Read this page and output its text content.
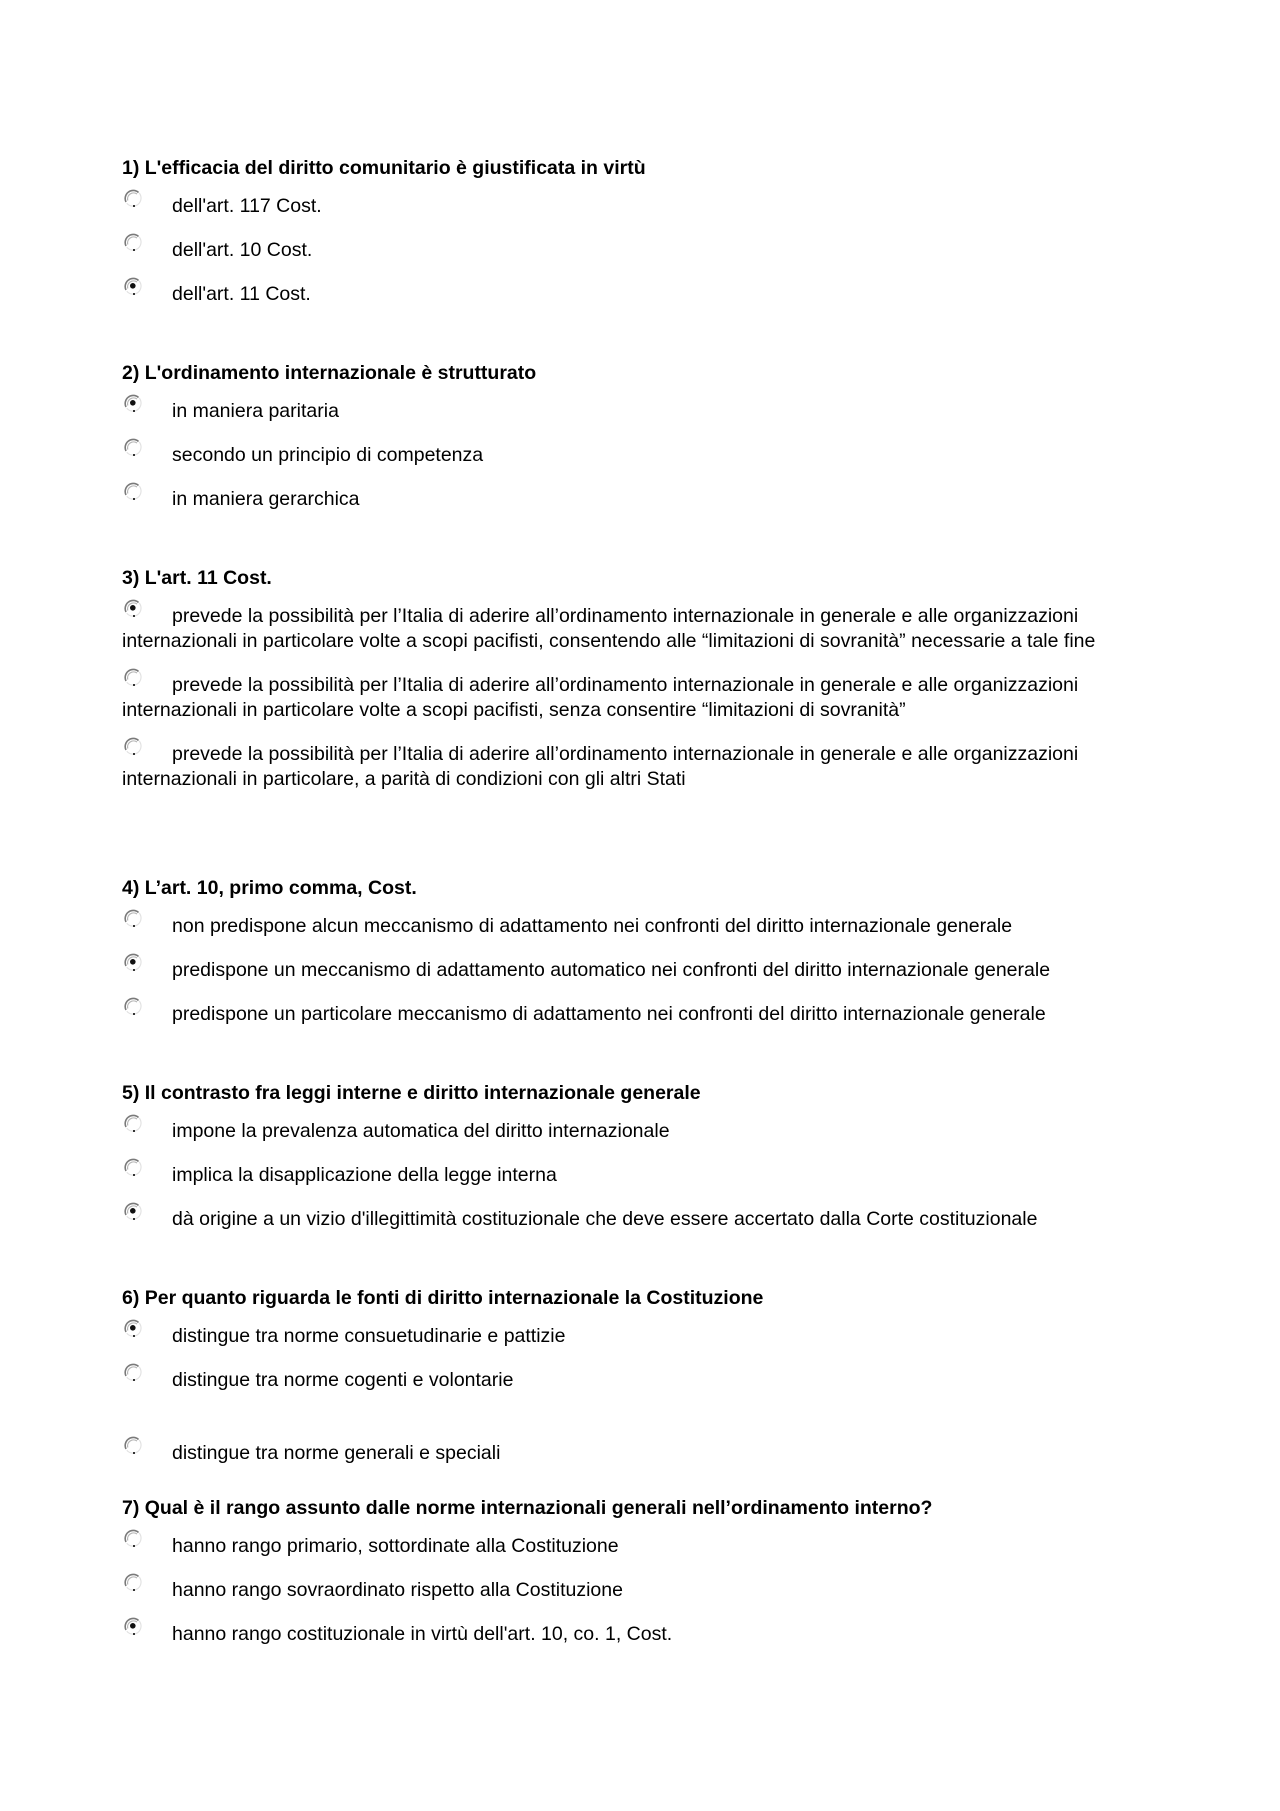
1) L'efficacia del diritto comunitario è giustificata in virtù

dell'art. 117 Cost.
dell'art. 10 Cost.
dell'art. 11 Cost.

2) L'ordinamento internazionale è strutturato

in maniera paritaria
secondo un principio di competenza
in maniera gerarchica

3) L'art. 11 Cost.

prevede la possibilità per l’Italia di aderire all’ordinamento internazionale in generale e alle organizzazioni internazionali in particolare volte a scopi pacifisti, consentendo alle “limitazioni di sovranità” necessarie a tale fine
prevede la possibilità per l’Italia di aderire all’ordinamento internazionale in generale e alle organizzazioni internazionali in particolare volte a scopi pacifisti, senza consentire “limitazioni di sovranità”
prevede la possibilità per l’Italia di aderire all’ordinamento internazionale in generale e alle organizzazioni internazionali in particolare, a parità di condizioni con gli altri Stati

4) L’art. 10, primo comma, Cost.

non predispone alcun meccanismo di adattamento nei confronti del diritto internazionale generale
predispone un meccanismo di adattamento automatico nei confronti del diritto internazionale generale
predispone un particolare meccanismo di adattamento nei confronti del diritto internazionale generale

5) Il contrasto fra leggi interne e diritto internazionale generale

impone la prevalenza automatica del diritto internazionale
implica la disapplicazione della legge interna
dà origine a un vizio d'illegittimità costituzionale che deve essere accertato dalla Corte costituzionale

6) Per quanto riguarda le fonti di diritto internazionale la Costituzione

distingue tra norme consuetudinarie e pattizie
distingue tra norme cogenti e volontarie
distingue tra norme generali e speciali

7) Qual è il rango assunto dalle norme internazionali generali nell’ordinamento interno?

hanno rango primario, sottordinate alla Costituzione
hanno rango sovraordinato rispetto alla Costituzione
hanno rango costituzionale in virtù dell'art. 10, co. 1, Cost.
